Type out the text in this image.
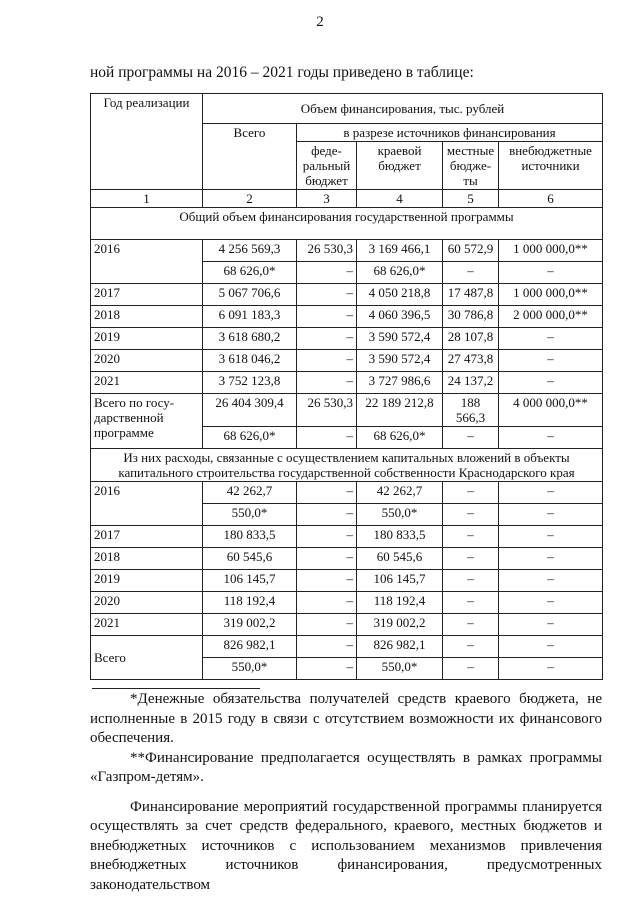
2
ной программы на 2016 – 2021 годы приведено в таблице:
Год реализации	Объем финансирования, тыс. рублей				
	Всего	в разрезе источников финансирования			
		феде-ральный бюджет	краевой бюджет	местные бюдже-ты	внебюджетные источники
1	2	3	4	5	6
Общий объем финансирования государственной программы					
2016	4 256 569,3	26 530,3	3 169 466,1	60 572,9	1 000 000,0**
	68 626,0*	–	68 626,0*	–	–
2017	5 067 706,6	–	4 050 218,8	17 487,8	1 000 000,0**
2018	6 091 183,3	–	4 060 396,5	30 786,8	2 000 000,0**
2019	3 618 680,2	–	3 590 572,4	28 107,8	–
2020	3 618 046,2	–	3 590 572,4	27 473,8	–
2021	3 752 123,8	–	3 727 986,6	24 137,2	–
Всего по госу-дарственной программе	26 404 309,4	26 530,3	22 189 212,8	188 566,3	4 000 000,0**
	68 626,0*	–	68 626,0*	–	–
Из них расходы, связанные с осуществлением капитальных вложений в объекты капитального строительства государственной собственности Краснодарского края					
2016	42 262,7	–	42 262,7	–	–
	550,0*	–	550,0*	–	–
2017	180 833,5	–	180 833,5	–	–
2018	60 545,6	–	60 545,6	–	–
2019	106 145,7	–	106 145,7	–	–
2020	118 192,4	–	118 192,4	–	–
2021	319 002,2	–	319 002,2	–	–
Всего	826 982,1	–	826 982,1	–	–
	550,0*	–	550,0*	–	–

*Денежные обязательства получателей средств краевого бюджета, не исполненные в 2015 году в связи с отсутствием возможности их финансового обеспечения.

**Финансирование предполагается осуществлять в рамках программы «Газпром-детям».

Финансирование мероприятий государственной программы планируется осуществлять за счет средств федерального, краевого, местных бюджетов и внебюджетных источников с использованием механизмов привлечения внебюджетных источников финансирования, предусмотренных законодательством
